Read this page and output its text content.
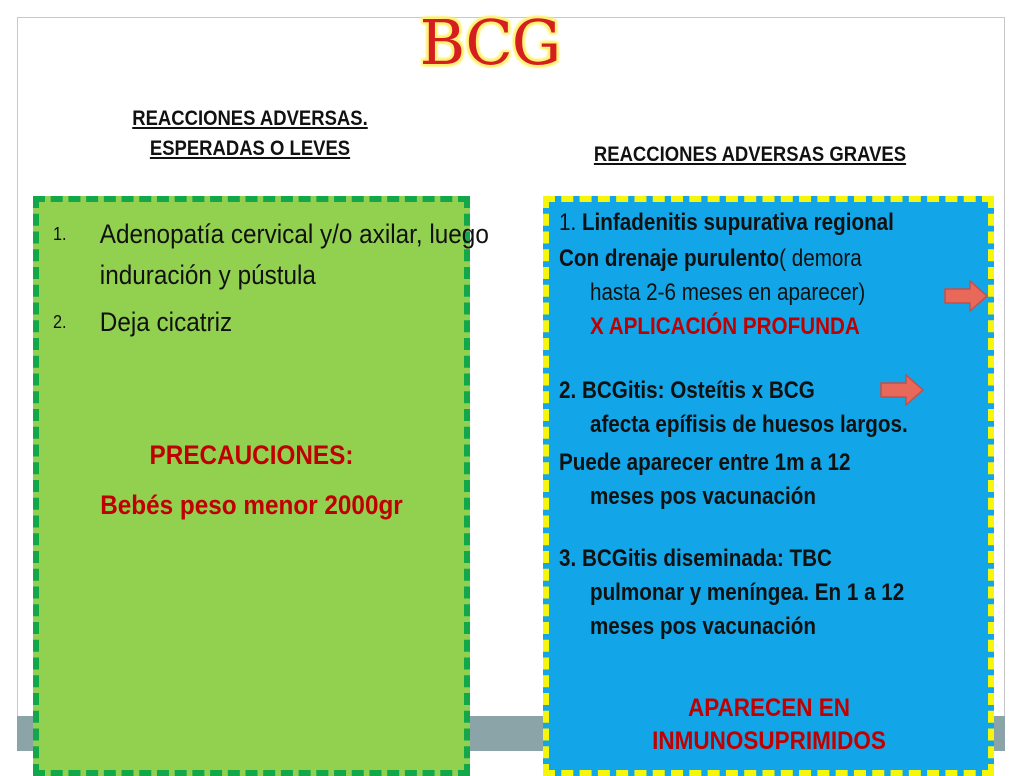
BCG
REACCIONES ADVERSAS.
ESPERADAS O LEVES	REACCIONES ADVERSAS GRAVES
1. Adenopatía cervical y/o axilar, luego induración y pústula
2. Deja cicatriz
PRECAUCIONES:
Bebés peso menor 2000gr
1. Linfadenitis supurativa regional
Con drenaje purulento( demora
hasta 2-6 meses en aparecer)
X APLICACIÓN PROFUNDA
2. BCGitis: Osteítis x BCG
afecta epífisis de huesos largos.
Puede aparecer entre 1m a 12
meses pos vacunación
3. BCGitis diseminada: TBC
pulmonar y meníngea. En 1 a 12
meses pos vacunación
APARECEN EN
INMUNOSUPRIMIDOS
